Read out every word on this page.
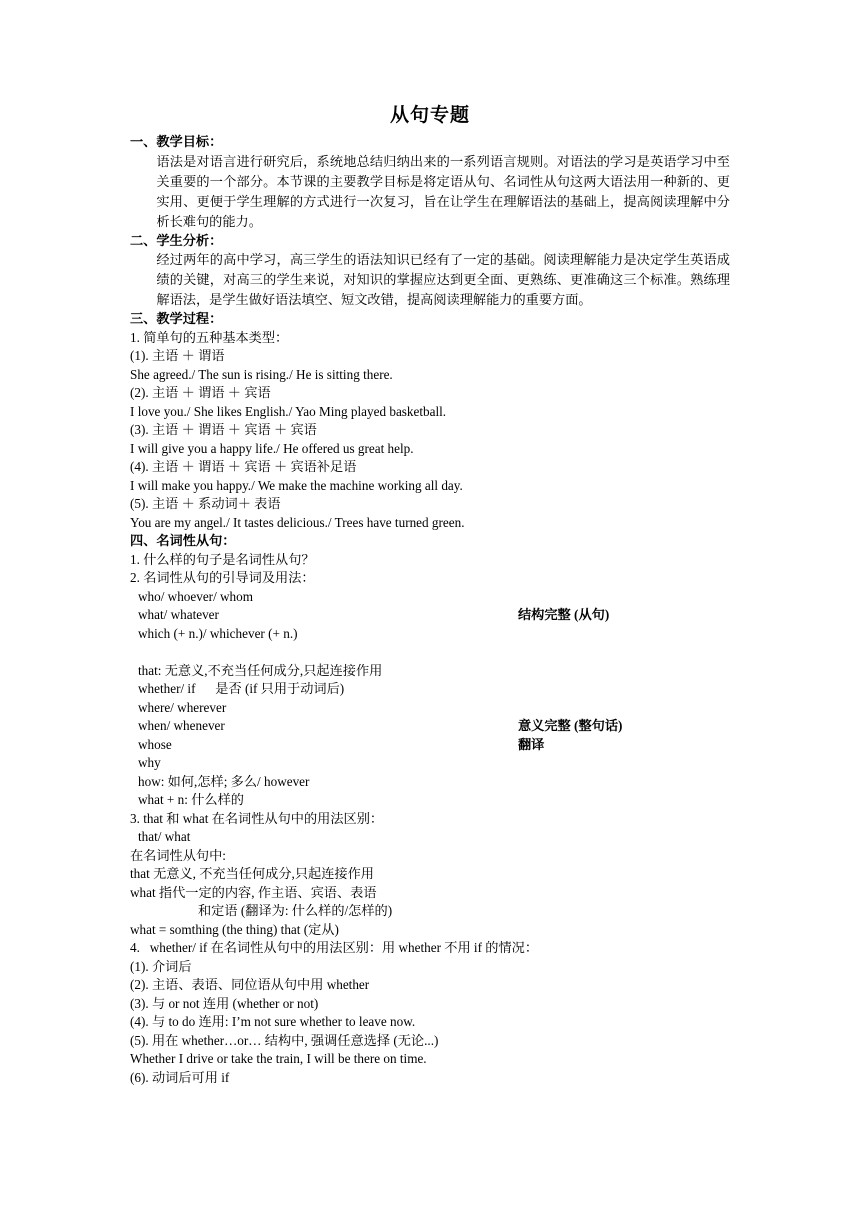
从句专题
一、教学目标：

语法是对语言进行研究后，系统地总结归纳出来的一系列语言规则。对语法的学习是英语学习中至关重要的一个部分。本节课的主要教学目标是将定语从句、名词性从句这两大语法用一种新的、更实用、更便于学生理解的方式进行一次复习，旨在让学生在理解语法的基础上，提高阅读理解中分析长难句的能力。

二、学生分析：

经过两年的高中学习，高三学生的语法知识已经有了一定的基础。阅读理解能力是决定学生英语成绩的关键，对高三的学生来说，对知识的掌握应达到更全面、更熟练、更准确这三个标准。熟练理解语法，是学生做好语法填空、短文改错，提高阅读理解能力的重要方面。

三、教学过程：
1. 简单句的五种基本类型：
(1). 主语 ＋ 谓语
She agreed./ The sun is rising./ He is sitting there.
(2). 主语 ＋ 谓语 ＋ 宾语
I love you./ She likes English./ Yao Ming played basketball.
(3). 主语 ＋ 谓语 ＋ 宾语 ＋ 宾语
I will give you a happy life./ He offered us great help.
(4). 主语 ＋ 谓语 ＋ 宾语 ＋ 宾语补足语
I will make you happy./ We make the machine working all day.
(5). 主语 ＋ 系动词＋ 表语
You are my angel./ It tastes delicious./ Trees have turned green.
四、名词性从句：
1. 什么样的句子是名词性从句？
2. 名词性从句的引导词及用法：
who/ whoever/ whom
what/ whatever	结构完整 (从句)
which (+ n.)/ whichever (+ n.)
that: 无意义,不充当任何成分,只起连接作用
whether/ if      是否 (if 只用于动词后)
where/ wherever
when/ whenever	意义完整 (整句话)
whose	翻译
why
how: 如何,怎样; 多么/ however
what + n: 什么样的
3. that 和 what 在名词性从句中的用法区别：
that/ what
在名词性从句中:
that 无意义, 不充当任何成分,只起连接作用
what 指代一定的内容, 作主语、宾语、表语
和定语 (翻译为: 什么样的/怎样的)
what = somthing (the thing) that (定从)
4.   whether/ if 在名词性从句中的用法区别：用 whether 不用 if 的情况：
(1). 介词后
(2). 主语、表语、同位语从句中用 whether
(3). 与 or not 连用 (whether or not)
(4). 与 to do 连用: I’m not sure whether to leave now.
(5). 用在 whether…or… 结构中, 强调任意选择 (无论...)
Whether I drive or take the train, I will be there on time.
(6). 动词后可用 if
